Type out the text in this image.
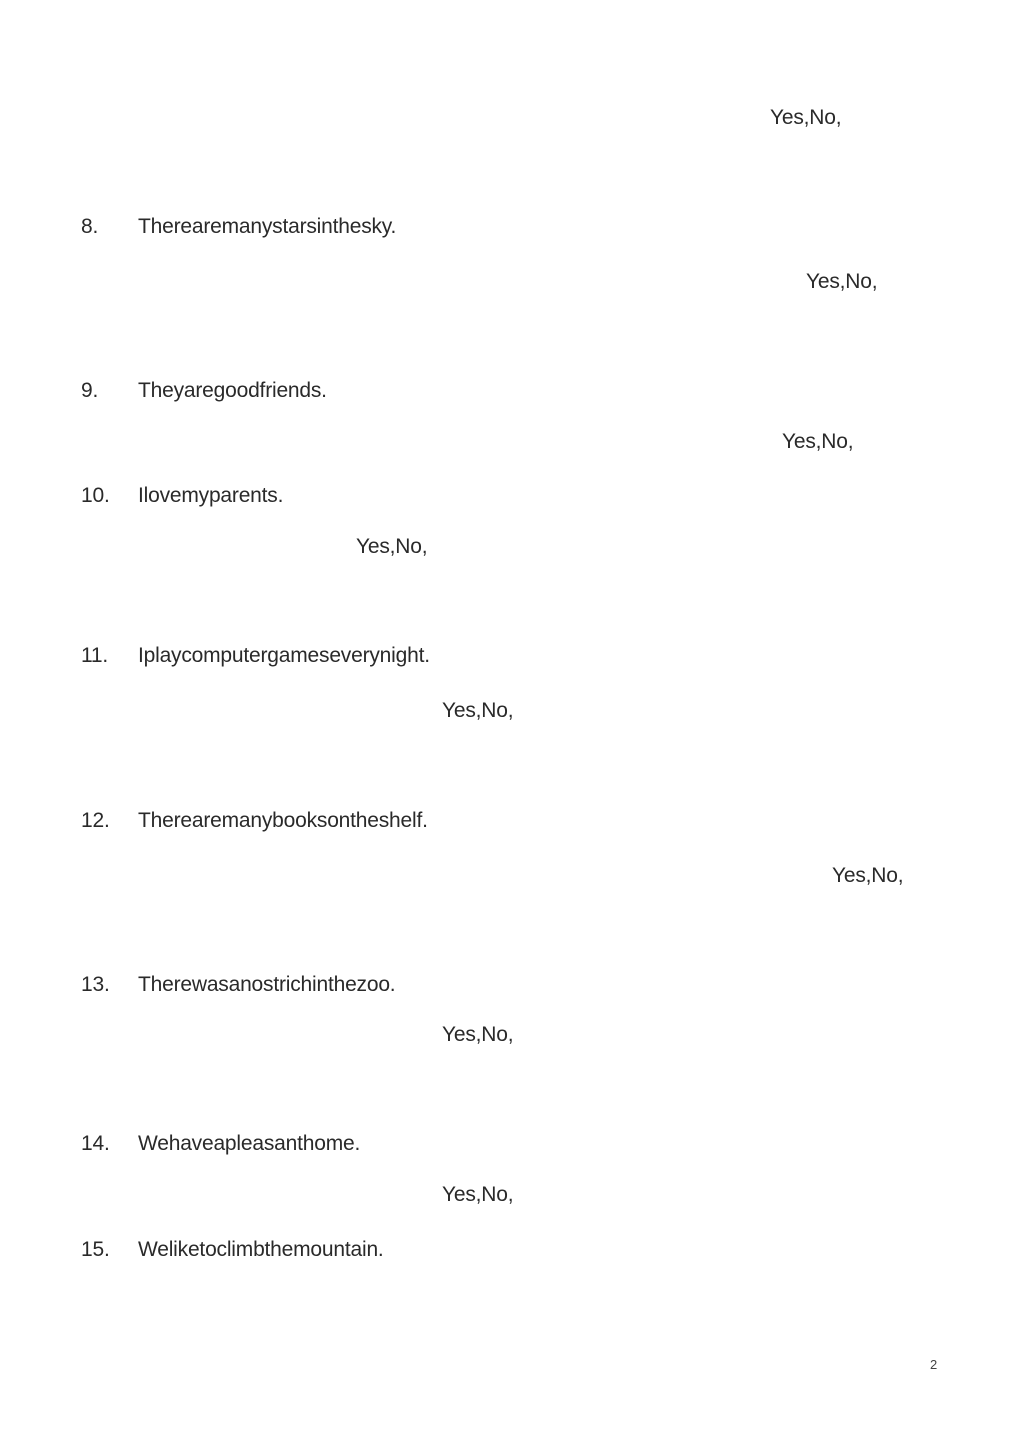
Yes,No,
8. Therearemanystarsinthesky.
Yes,No,
9. Theyaregoodfriends.
Yes,No,
10. Ilovemyparents.
Yes,No,
11. Iplaycomputergameseverynight.
Yes,No,
12. Therearemanybooksontheshelf.
Yes,No,
13. Therewasanostrichinthezoo.
Yes,No,
14. Wehaveapleasanthome.
Yes,No,
15. Weliketoclimbthemountain.
2
